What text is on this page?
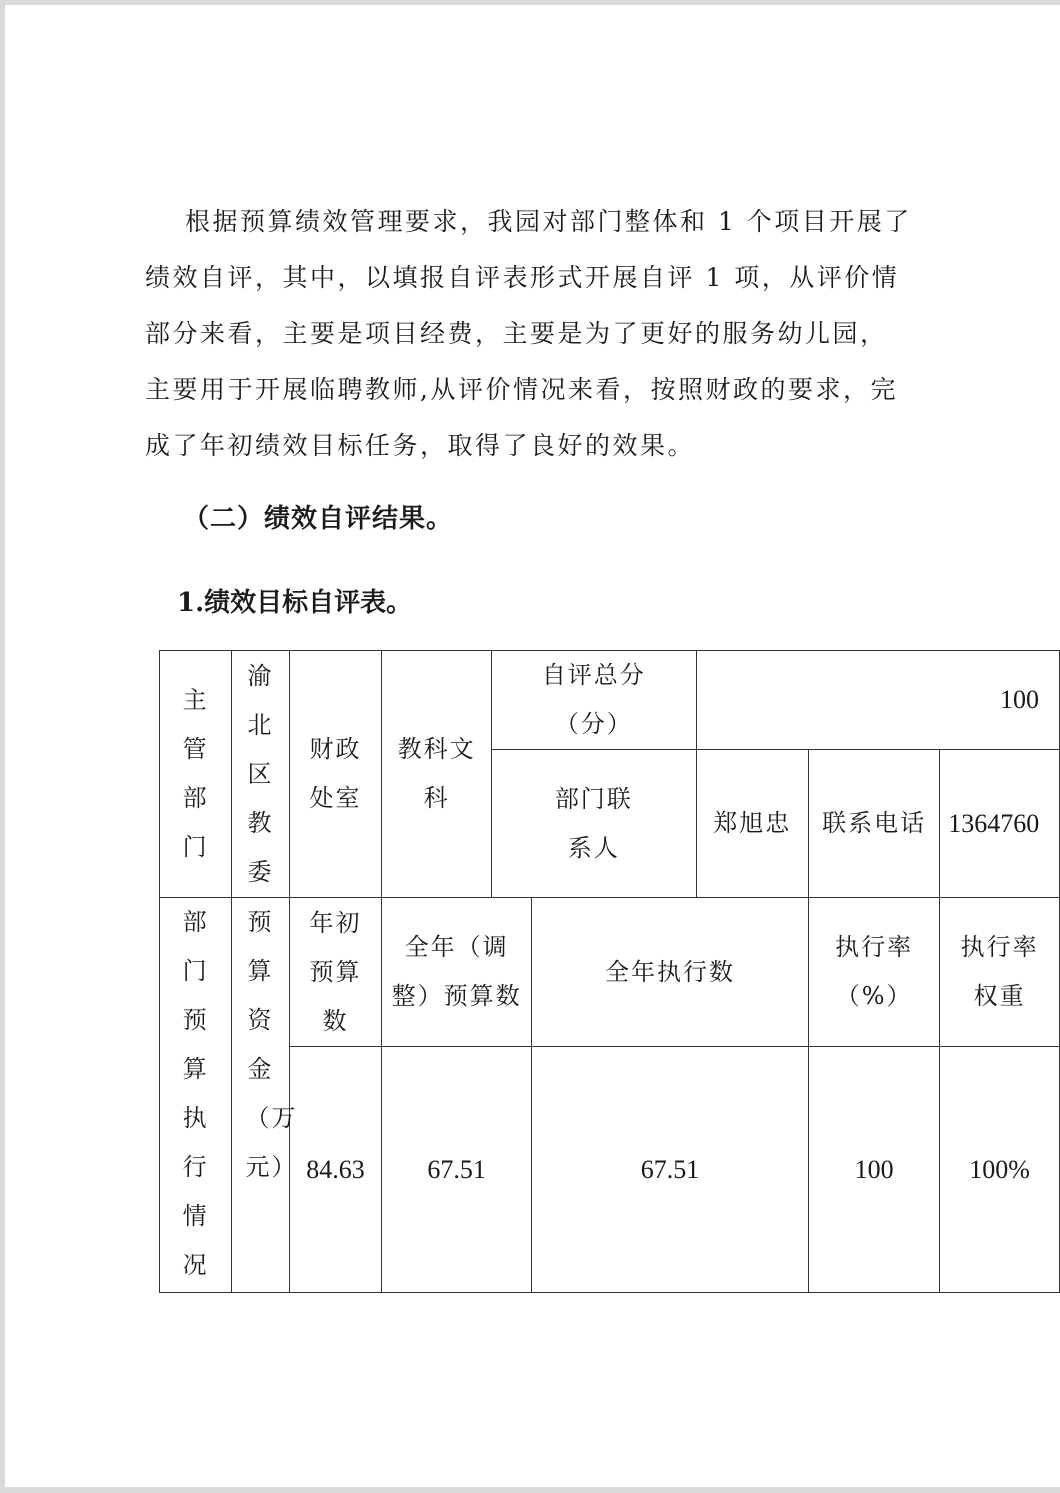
根据预算绩效管理要求，我园对部门整体和 1 个项目开展了
绩效自评，其中，以填报自评表形式开展自评 1 项，从评价情
部分来看，主要是项目经费，主要是为了更好的服务幼儿园，
主要用于开展临聘教师,从评价情况来看，按照财政的要求，完
成了年初绩效目标任务，取得了良好的效果。
（二）绩效自评结果。
1.绩效目标自评表。
主管部门	渝北区教委	财政处室	教科文科	自评总分（分）		100		
				部门联系人		郑旭忠	联系电话	1364760
部门预算执行情况	预算资金（万元）	年初预算数	全年（调整）预算数		全年执行数		执行率（%）	执行率权重
		84.63	67.51		67.51		100	100%
